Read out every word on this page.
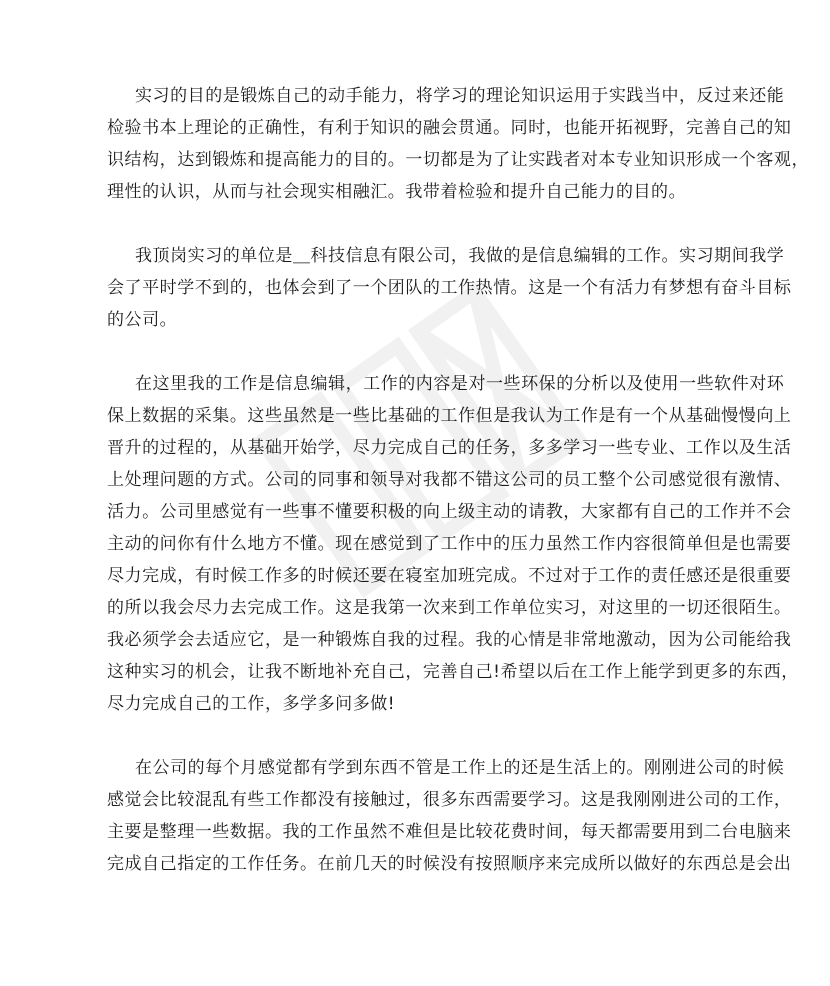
实习的目的是锻炼自己的动手能力，将学习的理论知识运用于实践当中，反过来还能
检验书本上理论的正确性，有利于知识的融会贯通。同时，也能开拓视野，完善自己的知
识结构，达到锻炼和提高能力的目的。一切都是为了让实践者对本专业知识形成一个客观，
理性的认识，从而与社会现实相融汇。我带着检验和提升自己能力的目的。

我顶岗实习的单位是＿科技信息有限公司，我做的是信息编辑的工作。实习期间我学
会了平时学不到的，也体会到了一个团队的工作热情。这是一个有活力有梦想有奋斗目标
的公司。

在这里我的工作是信息编辑，工作的内容是对一些环保的分析以及使用一些软件对环
保上数据的采集。这些虽然是一些比基础的工作但是我认为工作是有一个从基础慢慢向上
晋升的过程的，从基础开始学，尽力完成自己的任务，多多学习一些专业、工作以及生活
上处理问题的方式。公司的同事和领导对我都不错这公司的员工整个公司感觉很有激情、
活力。公司里感觉有一些事不懂要积极的向上级主动的请教，大家都有自己的工作并不会
主动的问你有什么地方不懂。现在感觉到了工作中的压力虽然工作内容很简单但是也需要
尽力完成，有时候工作多的时候还要在寝室加班完成。不过对于工作的责任感还是很重要
的所以我会尽力去完成工作。这是我第一次来到工作单位实习，对这里的一切还很陌生。
我必须学会去适应它，是一种锻炼自我的过程。我的心情是非常地激动，因为公司能给我
这种实习的机会，让我不断地补充自己，完善自己!希望以后在工作上能学到更多的东西，
尽力完成自己的工作，多学多问多做!

在公司的每个月感觉都有学到东西不管是工作上的还是生活上的。刚刚进公司的时候
感觉会比较混乱有些工作都没有接触过，很多东西需要学习。这是我刚刚进公司的工作，
主要是整理一些数据。我的工作虽然不难但是比较花费时间，每天都需要用到二台电脑来
完成自己指定的工作任务。在前几天的时候没有按照顺序来完成所以做好的东西总是会出
